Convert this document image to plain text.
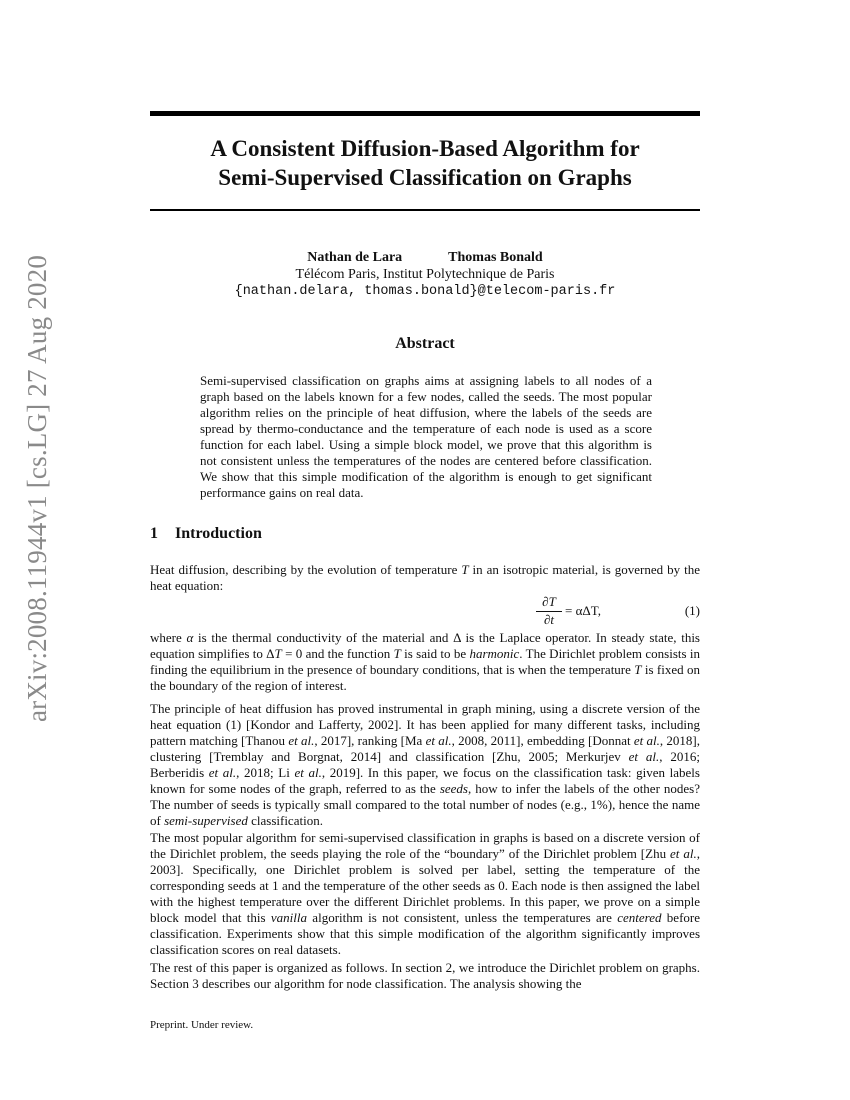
arXiv:2008.11944v1 [cs.LG] 27 Aug 2020
A Consistent Diffusion-Based Algorithm for
Semi-Supervised Classification on Graphs
Nathan de Lara	Thomas Bonald
Télécom Paris, Institut Polytechnique de Paris
{nathan.delara, thomas.bonald}@telecom-paris.fr
Abstract
Semi-supervised classification on graphs aims at assigning labels to all nodes of a graph based on the labels known for a few nodes, called the seeds. The most popular algorithm relies on the principle of heat diffusion, where the labels of the seeds are spread by thermo-conductance and the temperature of each node is used as a score function for each label. Using a simple block model, we prove that this algorithm is not consistent unless the temperatures of the nodes are centered before classification. We show that this simple modification of the algorithm is enough to get significant performance gains on real data.
1 Introduction
Heat diffusion, describing by the evolution of temperature T in an isotropic material, is governed by the heat equation:
$\frac{\partial T}{\partial t} = \alpha\Delta T$,	(1)
where α is the thermal conductivity of the material and Δ is the Laplace operator. In steady state, this equation simplifies to ΔT = 0 and the function T is said to be harmonic. The Dirichlet problem consists in finding the equilibrium in the presence of boundary conditions, that is when the temperature T is fixed on the boundary of the region of interest.
The principle of heat diffusion has proved instrumental in graph mining, using a discrete version of the heat equation (1) [Kondor and Lafferty, 2002]. It has been applied for many different tasks, including pattern matching [Thanou et al., 2017], ranking [Ma et al., 2008, 2011], embedding [Donnat et al., 2018], clustering [Tremblay and Borgnat, 2014] and classification [Zhu, 2005; Merkurjev et al., 2016; Berberidis et al., 2018; Li et al., 2019]. In this paper, we focus on the classification task: given labels known for some nodes of the graph, referred to as the seeds, how to infer the labels of the other nodes? The number of seeds is typically small compared to the total number of nodes (e.g., 1%), hence the name of semi-supervised classification.
The most popular algorithm for semi-supervised classification in graphs is based on a discrete version of the Dirichlet problem, the seeds playing the role of the “boundary” of the Dirichlet problem [Zhu et al., 2003]. Specifically, one Dirichlet problem is solved per label, setting the temperature of the corresponding seeds at 1 and the temperature of the other seeds as 0. Each node is then assigned the label with the highest temperature over the different Dirichlet problems. In this paper, we prove on a simple block model that this vanilla algorithm is not consistent, unless the temperatures are centered before classification. Experiments show that this simple modification of the algorithm significantly improves classification scores on real datasets.
The rest of this paper is organized as follows. In section 2, we introduce the Dirichlet problem on graphs. Section 3 describes our algorithm for node classification. The analysis showing the
Preprint. Under review.
